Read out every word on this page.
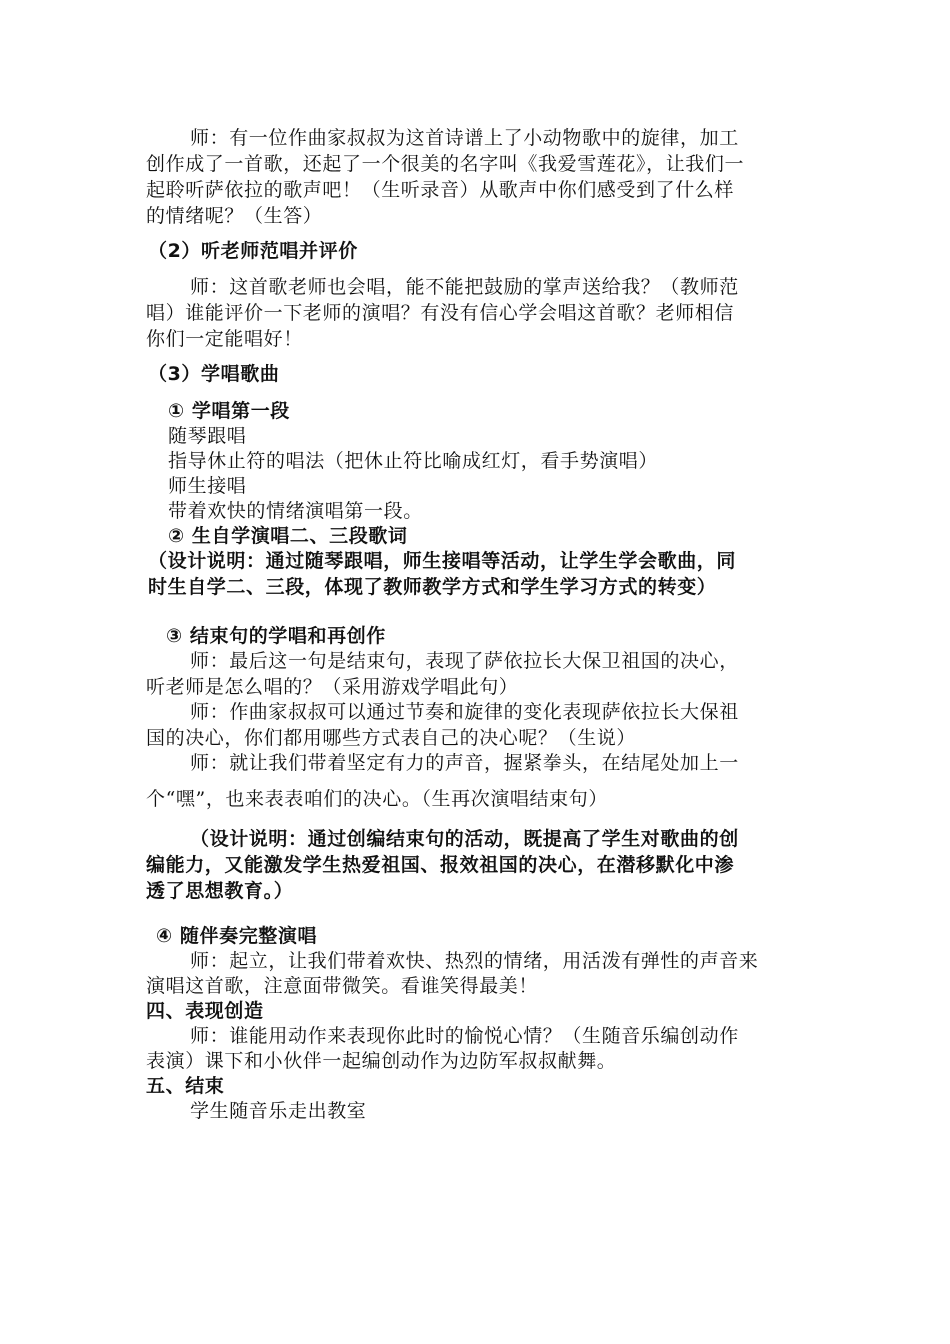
师：有一位作曲家叔叔为这首诗谱上了小动物歌中的旋律，加工
创作成了一首歌，还起了一个很美的名字叫《我爱雪莲花》，让我们一
起聆听萨依拉的歌声吧！（生听录音）从歌声中你们感受到了什么样
的情绪呢？（生答）
（2）听老师范唱并评价
师：这首歌老师也会唱，能不能把鼓励的掌声送给我？（教师范
唱）谁能评价一下老师的演唱？有没有信心学会唱这首歌？老师相信
你们一定能唱好！
（3）学唱歌曲
① 学唱第一段
随琴跟唱
指导休止符的唱法（把休止符比喻成红灯，看手势演唱）
师生接唱
带着欢快的情绪演唱第一段。
② 生自学演唱二、三段歌词
（设计说明：通过随琴跟唱，师生接唱等活动，让学生学会歌曲，同
时生自学二、三段，体现了教师教学方式和学生学习方式的转变）
③ 结束句的学唱和再创作
师：最后这一句是结束句，表现了萨依拉长大保卫祖国的决心，
听老师是怎么唱的？（采用游戏学唱此句）
师：作曲家叔叔可以通过节奏和旋律的变化表现萨依拉长大保祖
国的决心，你们都用哪些方式表自己的决心呢？（生说）
师：就让我们带着坚定有力的声音，握紧拳头，在结尾处加上一
个“嘿”，也来表表咱们的决心。（生再次演唱结束句）
（设计说明：通过创编结束句的活动，既提高了学生对歌曲的创
编能力，又能激发学生热爱祖国、报效祖国的决心，在潜移默化中渗
透了思想教育。）
④ 随伴奏完整演唱
师：起立，让我们带着欢快、热烈的情绪，用活泼有弹性的声音来
演唱这首歌，注意面带微笑。看谁笑得最美！
四、表现创造
师：谁能用动作来表现你此时的愉悦心情？（生随音乐编创动作
表演）课下和小伙伴一起编创动作为边防军叔叔献舞。
五、结束
学生随音乐走出教室
